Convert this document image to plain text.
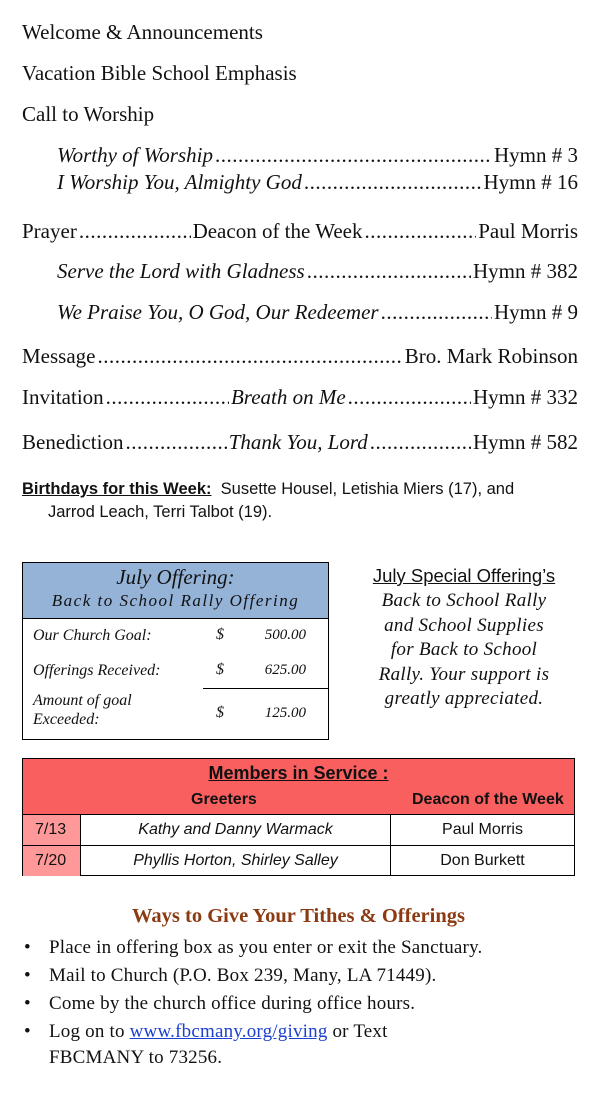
Welcome & Announcements
Vacation Bible School Emphasis
Call to Worship
Worthy of Worship .....	Hymn # 3
I Worship You, Almighty God .....	Hymn # 16
Prayer .....	Deacon of the Week .....	Paul Morris
Serve the Lord with Gladness .....	Hymn # 382
We Praise You, O God, Our Redeemer .....	Hymn # 9
Message .....	Bro. Mark Robinson
Invitation .....	Breath on Me .....	Hymn # 332
Benediction .....	Thank You, Lord .....	Hymn # 582
Birthdays for this Week: Susette Housel, Letishia Miers (17), and
Jarrod Leach, Terri Talbot (19).
July Offering:
Back to School Rally Offering
Our Church Goal:	$	500.00
Offerings Received:	$	625.00
Amount of goal Exceeded:	$	125.00
July Special Offering’s
Back to School Rally
and School Supplies
for Back to School
Rally. Your support is
greatly appreciated.
Members in Service :
Greeters	Deacon of the Week
7/13	Kathy and Danny Warmack	Paul Morris
7/20	Phyllis Horton, Shirley Salley	Don Burkett
Ways to Give Your Tithes & Offerings
• Place in offering box as you enter or exit the Sanctuary.
• Mail to Church (P.O. Box 239, Many, LA 71449).
• Come by the church office during office hours.
• Log on to www.fbcmany.org/giving or Text
FBCMANY to 73256.
